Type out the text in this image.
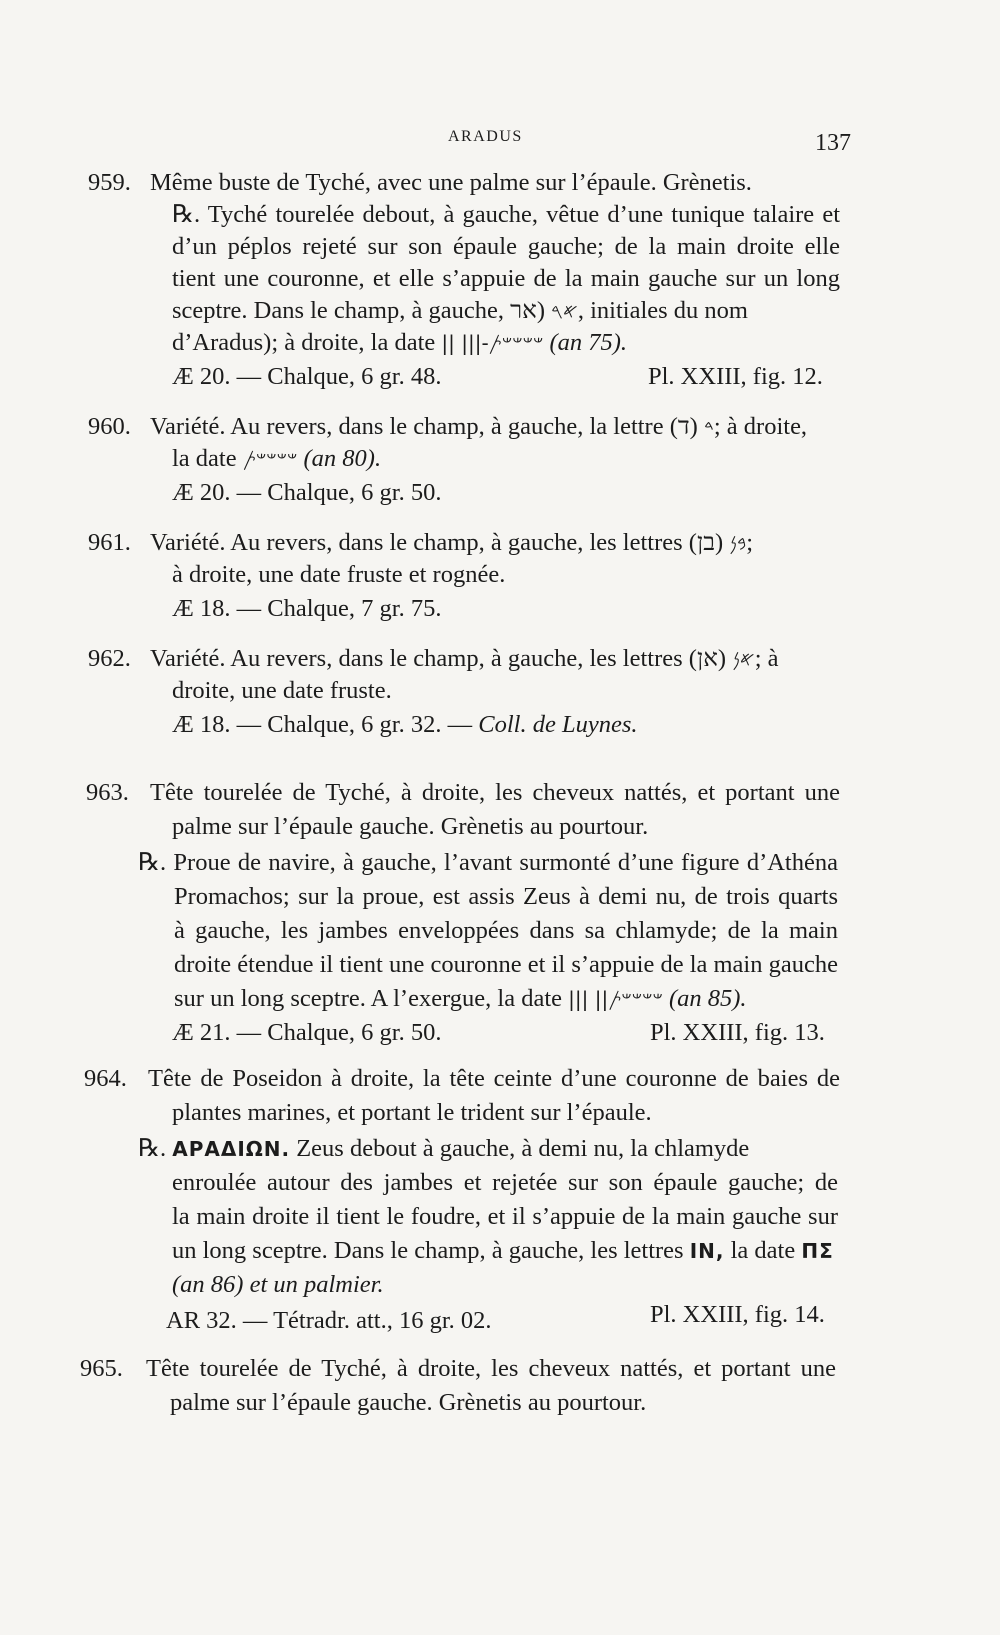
ARADUS	137
959. Même buste de Tyché, avec une palme sur l’épaule. Grènetis.
℞. Tyché tourelée debout, à gauche, vêtue d’une tunique talaire et
d’un péplos rejeté sur son épaule gauche; de la main droite elle
tient une couronne, et elle s’appuie de la main gauche sur un long
sceptre. Dans le champ, à gauche, 𐤀𐤓 (אר, initiales du nom
d’Aradus); à droite, la date || |||-𐤔𐤔𐤔𐤔𐤕 (an 75).
Æ 20. — Chalque, 6 gr. 48.	Pl. XXIII, fig. 12.
960. Variété. Au revers, dans le champ, à gauche, la lettre 𐤃 (ד); à droite,
la date 𐤔𐤔𐤔𐤔𐤕 (an 80).
Æ 20. — Chalque, 6 gr. 50.
961. Variété. Au revers, dans le champ, à gauche, les lettres 𐤁𐤍 (בן);
à droite, une date fruste et rognée.
Æ 18. — Chalque, 7 gr. 75.
962. Variété. Au revers, dans le champ, à gauche, les lettres 𐤀𐤍 (אן); à
droite, une date fruste.
Æ 18. — Chalque, 6 gr. 32. — Coll. de Luynes.
963. Tête tourelée de Tyché, à droite, les cheveux nattés, et portant une
palme sur l’épaule gauche. Grènetis au pourtour.
℞. Proue de navire, à gauche, l’avant surmonté d’une figure d’Athéna
Promachos; sur la proue, est assis Zeus à demi nu, de trois quarts
à gauche, les jambes enveloppées dans sa chlamyde; de la main
droite étendue il tient une couronne et il s’appuie de la main gauche
sur un long sceptre. A l’exergue, la date ||| ||𐤔𐤔𐤔𐤔𐤕 (an 85).
Æ 21. — Chalque, 6 gr. 50.	Pl. XXIII, fig. 13.
964. Tête de Poseidon à droite, la tête ceinte d’une couronne de baies de
plantes marines, et portant le trident sur l’épaule.
℞. ΑΡΑΔΙΩΝ. Zeus debout à gauche, à demi nu, la chlamyde
enroulée autour des jambes et rejetée sur son épaule gauche; de
la main droite il tient le foudre, et il s’appuie de la main gauche sur
un long sceptre. Dans le champ, à gauche, les lettres IN, la date ΠΣ
(an 86) et un palmier.
AR 32. — Tétradr. att., 16 gr. 02.	Pl. XXIII, fig. 14.
965. Tête tourelée de Tyché, à droite, les cheveux nattés, et portant une
palme sur l’épaule gauche. Grènetis au pourtour.
